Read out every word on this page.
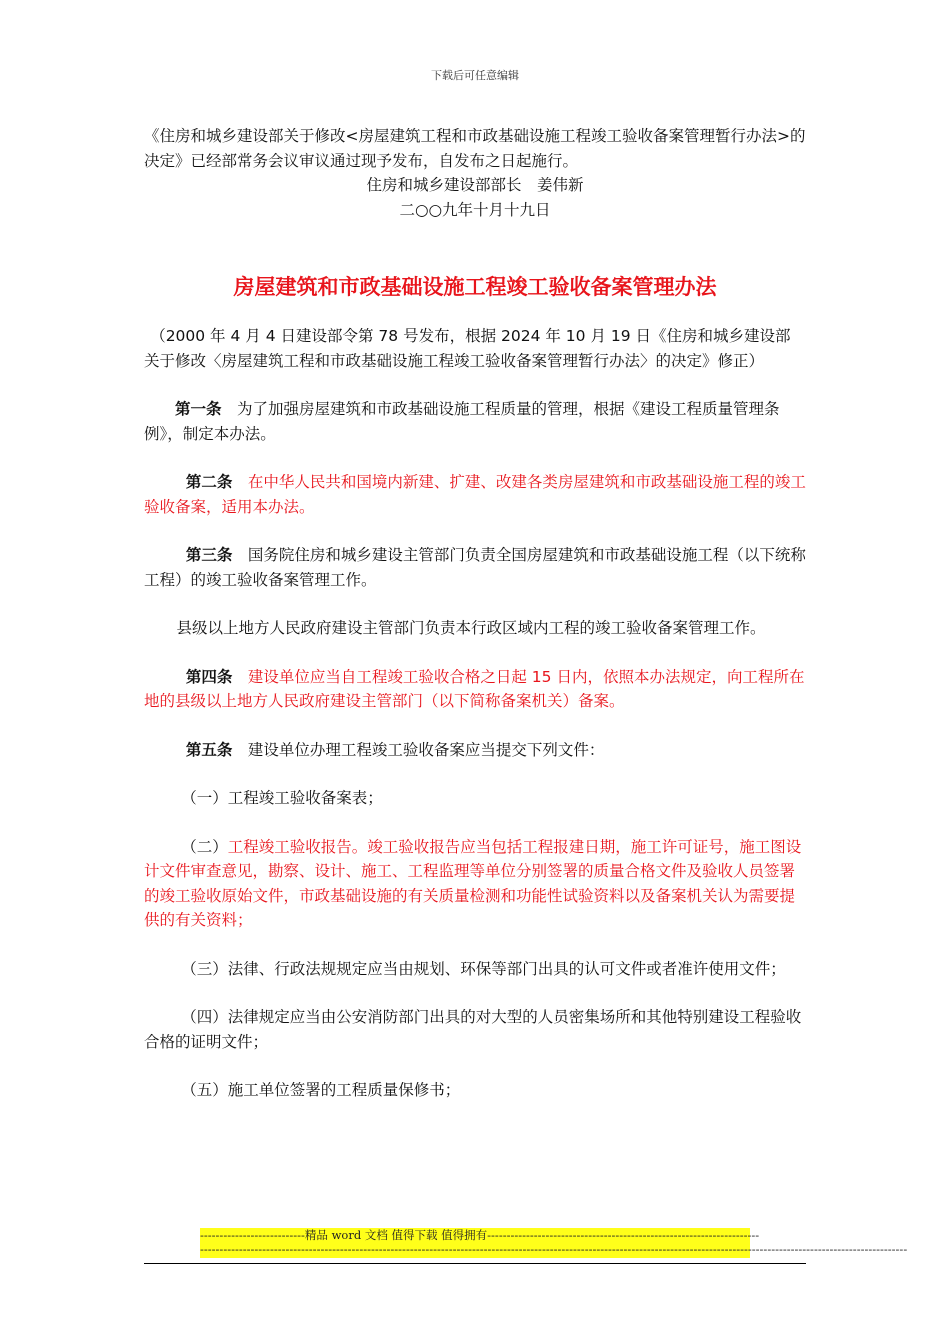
下载后可任意编辑

《住房和城乡建设部关于修改<房屋建筑工程和市政基础设施工程竣工验收备案管理暂行办法>的决定》已经部常务会议审议通过现予发布，自发布之日起施行。

住房和城乡建设部部长　姜伟新

二○○九年十月十九日

房屋建筑和市政基础设施工程竣工验收备案管理办法

（2000 年 4 月 4 日建设部令第 78 号发布，根据 2024 年 10 月 19 日《住房和城乡建设部关于修改〈房屋建筑工程和市政基础设施工程竣工验收备案管理暂行办法〉的决定》修正）

第一条　 为了加强房屋建筑和市政基础设施工程质量的管理，根据《建设工程质量管理条例》，制定本办法。

第二条　 在中华人民共和国境内新建、扩建、改建各类房屋建筑和市政基础设施工程的竣工验收备案，适用本办法。

第三条　 国务院住房和城乡建设主管部门负责全国房屋建筑和市政基础设施工程（以下统称工程）的竣工验收备案管理工作。

县级以上地方人民政府建设主管部门负责本行政区域内工程的竣工验收备案管理工作。

第四条　 建设单位应当自工程竣工验收合格之日起 15 日内，依照本办法规定，向工程所在地的县级以上地方人民政府建设主管部门（以下简称备案机关）备案。

第五条　 建设单位办理工程竣工验收备案应当提交下列文件：

（一）工程竣工验收备案表；

（二）工程竣工验收报告。竣工验收报告应当包括工程报建日期，施工许可证号，施工图设计文件审查意见，勘察、设计、施工、工程监理等单位分别签署的质量合格文件及验收人员签署的竣工验收原始文件，市政基础设施的有关质量检测和功能性试验资料以及备案机关认为需要提供的有关资料；

（三）法律、行政法规规定应当由规划、环保等部门出具的认可文件或者准许使用文件；

（四）法律规定应当由公安消防部门出具的对大型的人员密集场所和其他特别建设工程验收合格的证明文件；

（五）施工单位签署的工程质量保修书；

---------------------------精品 word 文档 值得下载 值得拥有----------------------------------------------------------------------
--------------------------------------------------------------------------------------------------------------------------------------------------------------------------------------
